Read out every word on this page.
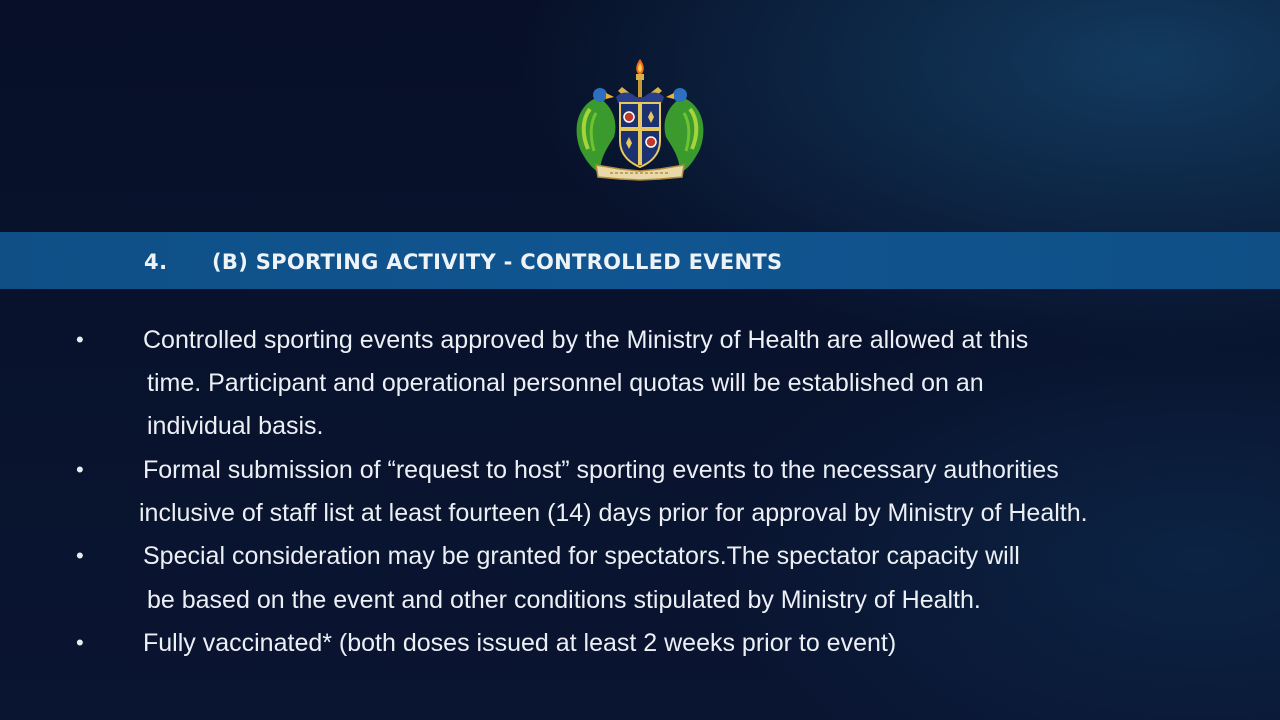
4. (B) SPORTING ACTIVITY - CONTROLLED EVENTS
• Controlled sporting events approved by the Ministry of Health are allowed at this
time. Participant and operational personnel quotas will be established on an
individual basis.
• Formal submission of “request to host” sporting events to the necessary authorities
inclusive of staff list at least fourteen (14) days prior for approval by Ministry of Health.
• Special consideration may be granted for spectators.The spectator capacity will
be based on the event and other conditions stipulated by Ministry of Health.
• Fully vaccinated* (both doses issued at least 2 weeks prior to event)
